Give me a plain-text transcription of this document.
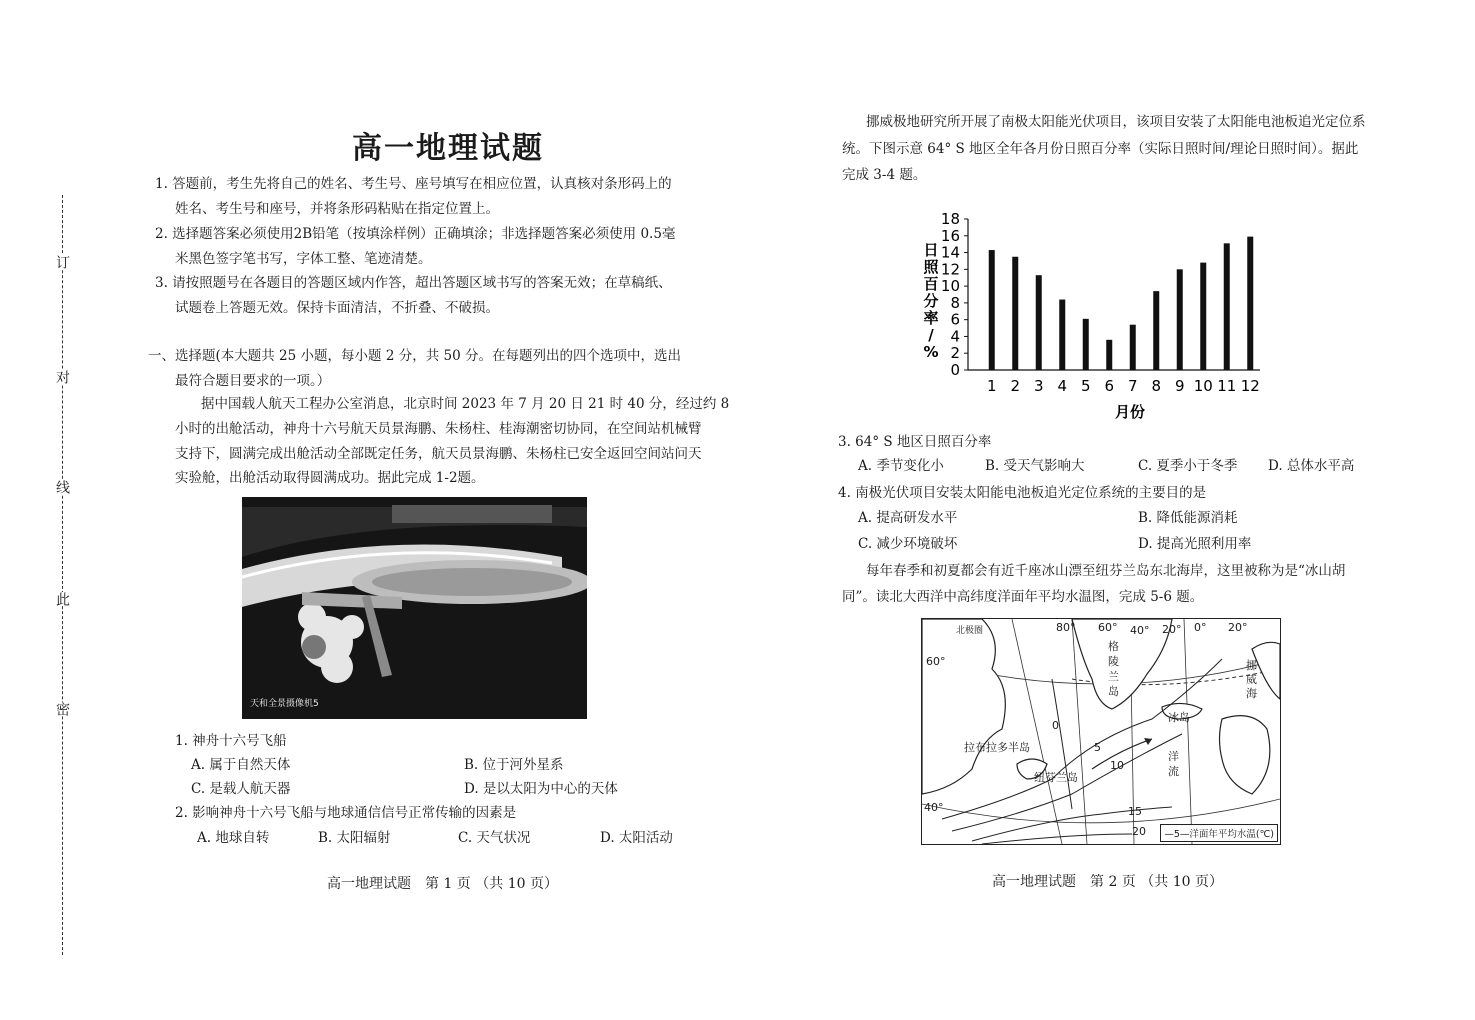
订
对
线
此
密
高一地理试题
1. 答题前，考生先将自己的姓名、考生号、座号填写在相应位置，认真核对条形码上的
姓名、考生号和座号，并将条形码粘贴在指定位置上。
2. 选择题答案必须使用2B铅笔（按填涂样例）正确填涂；非选择题答案必须使用 0.5毫
米黑色签字笔书写，字体工整、笔迹清楚。
3. 请按照题号在各题目的答题区域内作答，超出答题区域书写的答案无效；在草稿纸、
试题卷上答题无效。保持卡面清洁，不折叠、不破损。
一、选择题(本大题共 25 小题，每小题 2 分，共 50 分。在每题列出的四个选项中，选出
最符合题目要求的一项。）
据中国载人航天工程办公室消息，北京时间 2023 年 7 月 20 日 21 时 40 分，经过约 8
小时的出舱活动，神舟十六号航天员景海鹏、朱杨柱、桂海潮密切协同，在空间站机械臂
支持下，圆满完成出舱活动全部既定任务，航天员景海鹏、朱杨柱已安全返回空间站问天
实验舱，出舱活动取得圆满成功。据此完成 1-2题。
天和全景摄像机5
1. 神舟十六号飞船
A. 属于自然天体	B. 位于河外星系
C. 是载人航天器	D. 是以太阳为中心的天体
2. 影响神舟十六号飞船与地球通信信号正常传输的因素是
A. 地球自转	B. 太阳辐射	C. 天气状况	D. 太阳活动
高一地理试题　第 1 页 （共 10 页）
挪威极地研究所开展了南极太阳能光伏项目，该项目安装了太阳能电池板追光定位系
统。下图示意 64° S 地区全年各月份日照百分率（实际日照时间/理论日照时间）。据此
完成 3-4 题。
日
照
百
分
率
/
%
1 2 3 4 5 6 7 8 9 10 11 12
0
2
4
6
8
10
12
14
16
18
月份
3. 64° S 地区日照百分率
A. 季节变化小	B. 受天气影响大	C. 夏季小于冬季 D. 总体水平高
4. 南极光伏项目安装太阳能电池板追光定位系统的主要目的是
A. 提高研发水平	B. 降低能源消耗
C. 减少环境破坏	D. 提高光照利用率
每年春季和初夏都会有近千座冰山漂至纽芬兰岛东北海岸，这里被称为是“冰山胡
同”。读北大西洋中高纬度洋面年平均水温图，完成 5-6 题。
北极圈	80° 60° 40° 20° 0° 20°
60°
40°
格陵兰岛
冰岛
拉布拉多半岛
纽芬兰岛
挪威海
洋流
0
5
10
15
20	—5—洋面年平均水温(℃)
高一地理试题　第 2 页 （共 10 页）
